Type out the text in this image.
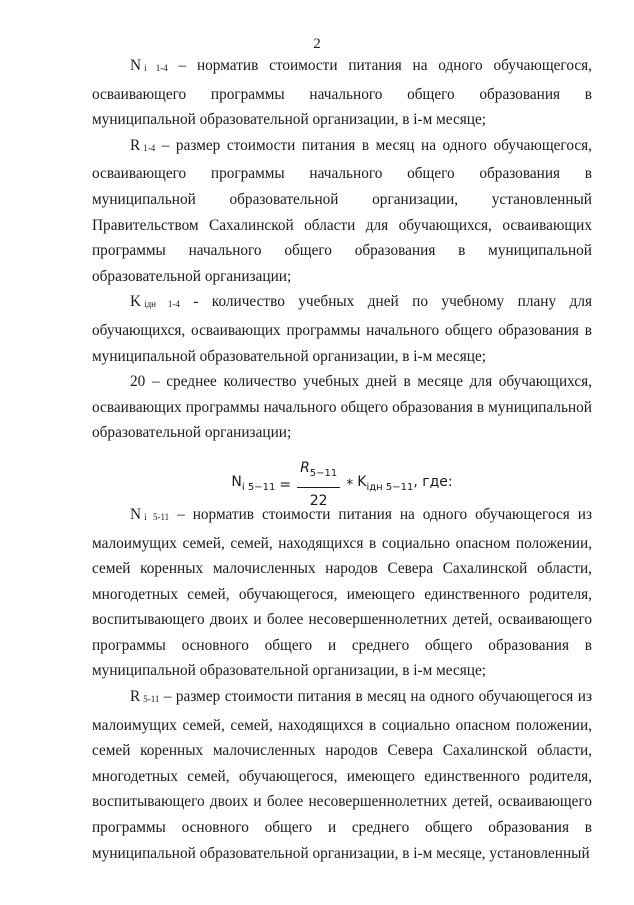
2

N $_{i 1-4}$ – норматив стоимости питания на одного обучающегося, осваивающего программы начального общего образования в муниципальной образовательной организации, в i-м месяце;

R $_{1-4}$ – размер стоимости питания в месяц на одного обучающегося, осваивающего программы начального общего образования в муниципальной образовательной организации, установленный Правительством Сахалинской области для обучающихся, осваивающих программы начального общего образования в муниципальной образовательной организации;

K $_{iдн 1-4}$ - количество учебных дней по учебному плану для обучающихся, осваивающих программы начального общего образования в муниципальной образовательной организации, в i-м месяце;

20 – среднее количество учебных дней в месяце для обучающихся, осваивающих программы начального общего образования в муниципальной образовательной организации;

$N_{i 5-11} = \frac{R_{5-11}}{22} * K_{iдн 5-11}$, где:

N $_{i 5-11}$ – норматив стоимости питания на одного обучающегося из малоимущих семей, семей, находящихся в социально опасном положении, семей коренных малочисленных народов Севера Сахалинской области, многодетных семей, обучающегося, имеющего единственного родителя, воспитывающего двоих и более несовершеннолетних детей, осваивающего программы основного общего и среднего общего образования в муниципальной образовательной организации, в i-м месяце;

R $_{5-11}$ – размер стоимости питания в месяц на одного обучающегося из малоимущих семей, семей, находящихся в социально опасном положении, семей коренных малочисленных народов Севера Сахалинской области, многодетных семей, обучающегося, имеющего единственного родителя, воспитывающего двоих и более несовершеннолетних детей, осваивающего программы основного общего и среднего общего образования в муниципальной образовательной организации, в i-м месяце, установленный
